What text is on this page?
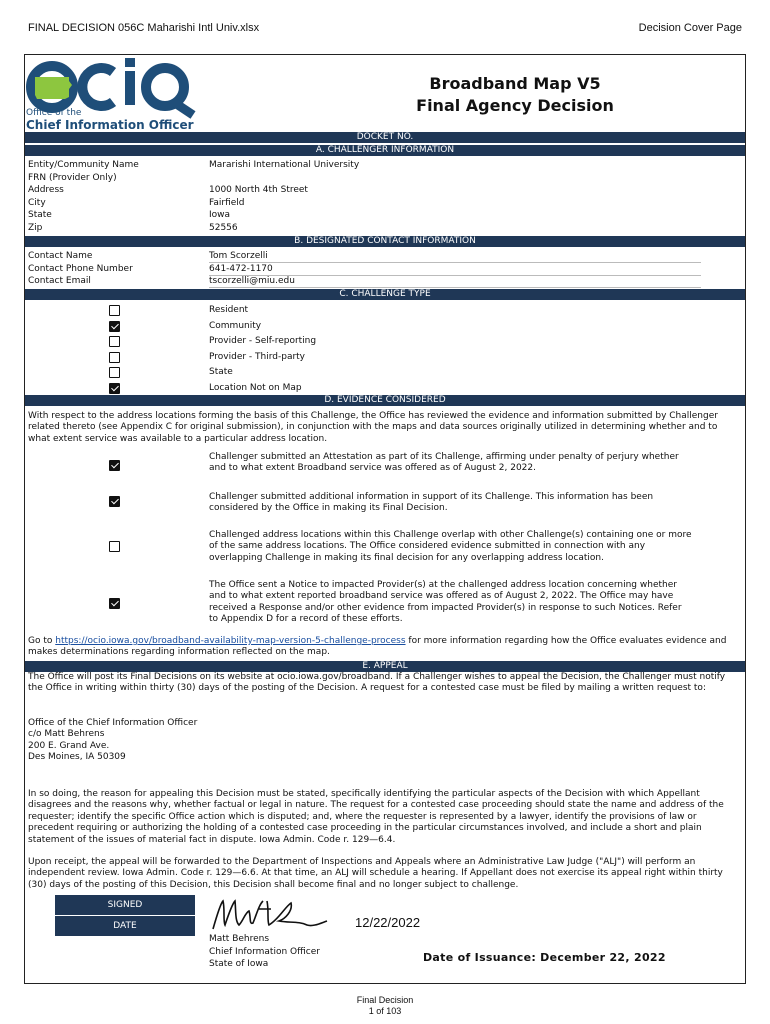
FINAL DECISION 056C Maharishi Intl Univ.xlsx	Decision Cover Page
Office of the
Chief Information Officer
Broadband Map V5
Final Agency Decision
DOCKET NO.
A. CHALLENGER INFORMATION
Entity/Community Name	Mararishi International University
FRN (Provider Only)
Address	1000 North 4th Street
City	Fairfield
State	Iowa
Zip	52556
B. DESIGNATED CONTACT INFORMATION
Contact Name	Tom Scorzelli
Contact Phone Number	641-472-1170
Contact Email	tscorzelli@miu.edu
C. CHALLENGE TYPE
Resident
Community
Provider - Self-reporting
Provider - Third-party
State
Location Not on Map
D. EVIDENCE CONSIDERED
With respect to the address locations forming the basis of this Challenge, the Office has reviewed the evidence and information submitted by Challenger related thereto (see Appendix C for original submission), in conjunction with the maps and data sources originally utilized in determining whether and to what extent service was available to a particular address location.
Challenger submitted an Attestation as part of its Challenge, affirming under penalty of perjury whether and to what extent Broadband service was offered as of August 2, 2022.
Challenger submitted additional information in support of its Challenge. This information has been considered by the Office in making its Final Decision.
Challenged address locations within this Challenge overlap with other Challenge(s) containing one or more of the same address locations. The Office considered evidence submitted in connection with any overlapping Challenge in making its final decision for any overlapping address location.
The Office sent a Notice to impacted Provider(s) at the challenged address location concerning whether and to what extent reported broadband service was offered as of August 2, 2022. The Office may have received a Response and/or other evidence from impacted Provider(s) in response to such Notices. Refer to Appendix D for a record of these efforts.
Go to https://ocio.iowa.gov/broadband-availability-map-version-5-challenge-process for more information regarding how the Office evaluates evidence and makes determinations regarding information reflected on the map.
E. APPEAL
The Office will post its Final Decisions on its website at ocio.iowa.gov/broadband. If a Challenger wishes to appeal the Decision, the Challenger must notify the Office in writing within thirty (30) days of the posting of the Decision. A request for a contested case must be filed by mailing a written request to:
Office of the Chief Information Officer
c/o Matt Behrens
200 E. Grand Ave.
Des Moines, IA 50309
In so doing, the reason for appealing this Decision must be stated, specifically identifying the particular aspects of the Decision with which Appellant disagrees and the reasons why, whether factual or legal in nature. The request for a contested case proceeding should state the name and address of the requester; identify the specific Office action which is disputed; and, where the requester is represented by a lawyer, identify the provisions of law or precedent requiring or authorizing the holding of a contested case proceeding in the particular circumstances involved, and include a short and plain statement of the issues of material fact in dispute. Iowa Admin. Code r. 129—6.4.
Upon receipt, the appeal will be forwarded to the Department of Inspections and Appeals where an Administrative Law Judge ("ALJ") will perform an independent review. Iowa Admin. Code r. 129—6.6. At that time, an ALJ will schedule a hearing. If Appellant does not exercise its appeal right within thirty (30) days of the posting of this Decision, this Decision shall become final and no longer subject to challenge.
SIGNED
DATE	12/22/2022
Matt Behrens
Chief Information Officer
State of Iowa	Date of Issuance: December 22, 2022
Final Decision
1 of 103
